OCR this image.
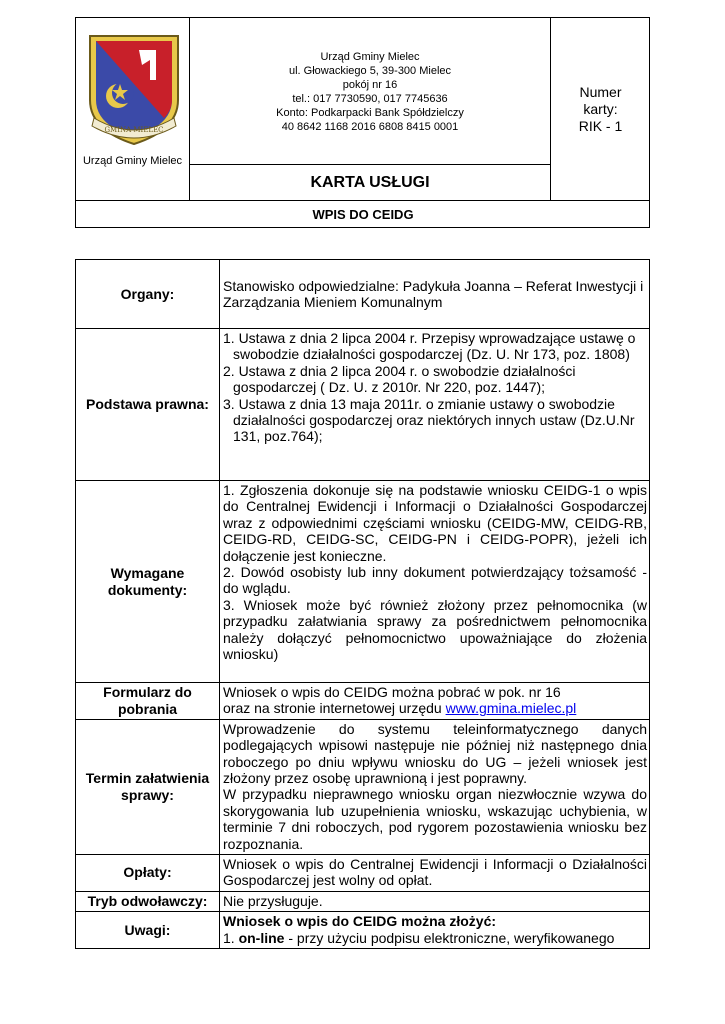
GMINA MIELEC
Urząd Gminy Mielec
Urząd Gminy Mielec
ul. Głowackiego 5, 39-300 Mielec
pokój nr 16
tel.: 017 7730590, 017 7745636
Konto: Podkarpacki Bank Spółdzielczy
40 8642 1168 2016 6808 8415 0001
Numer
karty:
RIK - 1
KARTA USŁUGI
WPIS DO CEIDG
Organy:	Stanowisko odpowiedzialne: Padykuła Joanna – Referat Inwestycji i Zarządzania Mieniem Komunalnym

Podstawa prawna:	1. Ustawa z dnia 2 lipca 2004 r. Przepisy wprowadzające ustawę o swobodzie działalności gospodarczej (Dz. U. Nr 173, poz. 1808)
2. Ustawa z dnia 2 lipca 2004 r. o swobodzie działalności gospodarczej ( Dz. U. z 2010r. Nr 220, poz. 1447);
3. Ustawa z dnia 13 maja 2011r. o zmianie ustawy o swobodzie działalności gospodarczej oraz niektórych innych ustaw (Dz.U.Nr 131, poz.764);

Wymagane dokumenty:	1. Zgłoszenia dokonuje się na podstawie wniosku CEIDG-1 o wpis do Centralnej Ewidencji i Informacji o Działalności Gospodarczej wraz z odpowiednimi częściami wniosku (CEIDG-MW, CEIDG-RB, CEIDG-RD, CEIDG-SC, CEIDG-PN i CEIDG-POPR), jeżeli ich dołączenie jest konieczne.
2. Dowód osobisty lub inny dokument potwierdzający tożsamość - do wglądu.
3. Wniosek może być również złożony przez pełnomocnika (w przypadku załatwiania sprawy za pośrednictwem pełnomocnika należy dołączyć pełnomocnictwo upoważniające do złożenia wniosku)

Formularz do pobrania	Wniosek o wpis do CEIDG można pobrać w pok. nr 16
oraz na stronie internetowej urzędu www.gmina.mielec.pl

Termin załatwienia sprawy:	Wprowadzenie do systemu teleinformatycznego danych podlegających wpisowi następuje nie później niż następnego dnia roboczego po dniu wpływu wniosku do UG – jeżeli wniosek jest złożony przez osobę uprawnioną i jest poprawny.
W przypadku nieprawnego wniosku organ niezwłocznie wzywa do skorygowania lub uzupełnienia wniosku, wskazując uchybienia, w terminie 7 dni roboczych, pod rygorem pozostawienia wniosku bez rozpoznania.

Opłaty:	Wniosek o wpis do Centralnej Ewidencji i Informacji o Działalności Gospodarczej jest wolny od opłat.
Tryb odwoławczy:	Nie przysługuje.
Uwagi:	Wniosek o wpis do CEIDG można złożyć:
1. on-line - przy użyciu podpisu elektroniczne, weryfikowanego
